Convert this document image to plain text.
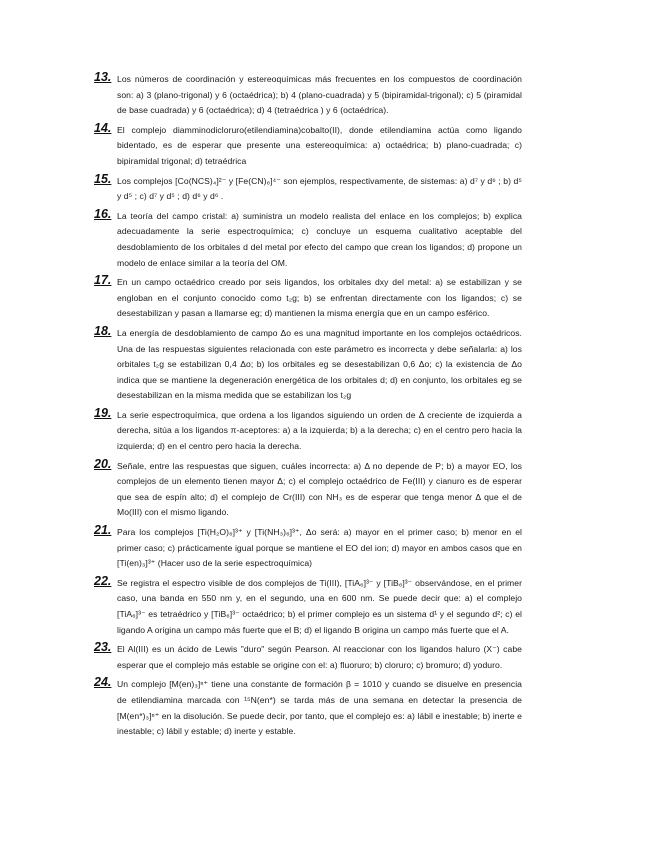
13. Los números de coordinación y estereoquímicas más frecuentes en los compuestos de coordinación son: a) 3 (plano-trigonal) y 6 (octaédrica); b) 4 (plano-cuadrada) y 5 (bipiramidal-trigonal); c) 5 (piramidal de base cuadrada) y 6 (octaédrica); d) 4 (tetraédrica ) y 6 (octaédrica).
14. El complejo diamminodicloruro(etilendiamina)cobalto(II), donde etilendiamina actúa como ligando bidentado, es de esperar que presente una estereoquímica: a) octaédrica; b) plano-cuadrada; c) bipiramidal trigonal; d) tetraédrica
15. Los complejos [Co(NCS)₄]²⁻ y [Fe(CN)₆]⁴⁻ son ejemplos, respectivamente, de sistemas: a) d⁷ y d⁶ ; b) d⁵ y d⁵ ; c) d⁷ y d⁵ ; d) d⁶ y d⁶ .
16. La teoría del campo cristal: a) suministra un modelo realista del enlace en los complejos; b) explica adecuadamente la serie espectroquímica; c) concluye un esquema cualitativo aceptable del desdoblamiento de los orbitales d del metal por efecto del campo que crean los ligandos; d) propone un modelo de enlace similar a la teoría del OM.
17. En un campo octaédrico creado por seis ligandos, los orbitales dxy del metal: a) se estabilizan y se engloban en el conjunto conocido como t₂g; b) se enfrentan directamente con los ligandos; c) se desestabilizan y pasan a llamarse eg; d) mantienen la misma energía que en un campo esférico.
18. La energía de desdoblamiento de campo Δo es una magnitud importante en los complejos octaédricos. Una de las respuestas siguientes relacionada con este parámetro es incorrecta y debe señalarla: a) los orbitales t₂g se estabilizan 0,4 Δo; b) los orbitales eg se desestabilizan 0,6 Δo; c) la existencia de Δo indica que se mantiene la degeneración energética de los orbitales d; d) en conjunto, los orbitales eg se desestabilizan en la misma medida que se estabilizan los t₂g
19. La serie espectroquímica, que ordena a los ligandos siguiendo un orden de Δ creciente de izquierda a derecha, sitúa a los ligandos π-aceptores: a) a la izquierda; b) a la derecha; c) en el centro pero hacia la izquierda; d) en el centro pero hacia la derecha.
20. Señale, entre las respuestas que siguen, cuáles incorrecta: a) Δ no depende de P; b) a mayor EO, los complejos de un elemento tienen mayor Δ; c) el complejo octaédrico de Fe(III) y cianuro es de esperar que sea de espín alto; d) el complejo de Cr(III) con NH₃ es de esperar que tenga menor Δ que el de Mo(III) con el mismo ligando.
21. Para los complejos [Ti(H₂O)₆]³⁺ y [Ti(NH₃)₆]³⁺, Δo será: a) mayor en el primer caso; b) menor en el primer caso; c) prácticamente igual porque se mantiene el EO del ion; d) mayor en ambos casos que en [Ti(en)₃]³⁺ (Hacer uso de la serie espectroquímica)
22. Se registra el espectro visible de dos complejos de Ti(III), [TiA₆]³⁻ y [TiB₆]³⁻ observándose, en el primer caso, una banda en 550 nm y, en el segundo, una en 600 nm. Se puede decir que: a) el complejo [TiA₆]³⁻ es tetraédrico y [TiB₆]³⁻ octaédrico; b) el primer complejo es un sistema d¹ y el segundo d²; c) el ligando A origina un campo más fuerte que el B; d) el ligando B origina un campo más fuerte que el A.
23. El Al(III) es un ácido de Lewis "duro" según Pearson. Al reaccionar con los ligandos haluro (X⁻) cabe esperar que el complejo más estable se origine con el: a) fluoruro; b) cloruro; c) bromuro; d) yoduro.
24. Un complejo [M(en)₃]ⁿ⁺ tiene una constante de formación β = 1010 y cuando se disuelve en presencia de etilendiamina marcada con ¹⁵N(en*) se tarda más de una semana en detectar la presencia de [M(en*)₃]ⁿ⁺ en la disolución. Se puede decir, por tanto, que el complejo es: a) lábil e inestable; b) inerte e inestable; c) lábil y estable; d) inerte y estable.
